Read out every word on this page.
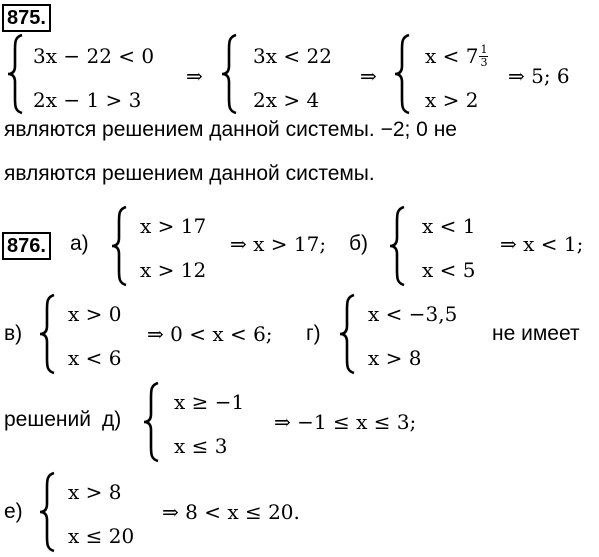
875.
3x − 22 < 0
2x − 1 > 3
⇒
3x < 22
2x > 4
⇒
$x < 7 \frac{1}{3}$
x > 2
⇒ 5; 6
являются решением данной системы. −2; 0 не
являются решением данной системы.
876. а)
x > 17
x > 12
⇒ x > 17; б)
x < 1
x < 5
⇒ x < 1;
в)
x > 0
x < 6
⇒ 0 < x < 6; г)
x < −3,5
x > 8
не имеет
решений д)
x ≥ −1
x ≤ 3
⇒ −1 ≤ x ≤ 3;
е)
x > 8
x ≤ 20
⇒ 8 < x ≤ 20.
